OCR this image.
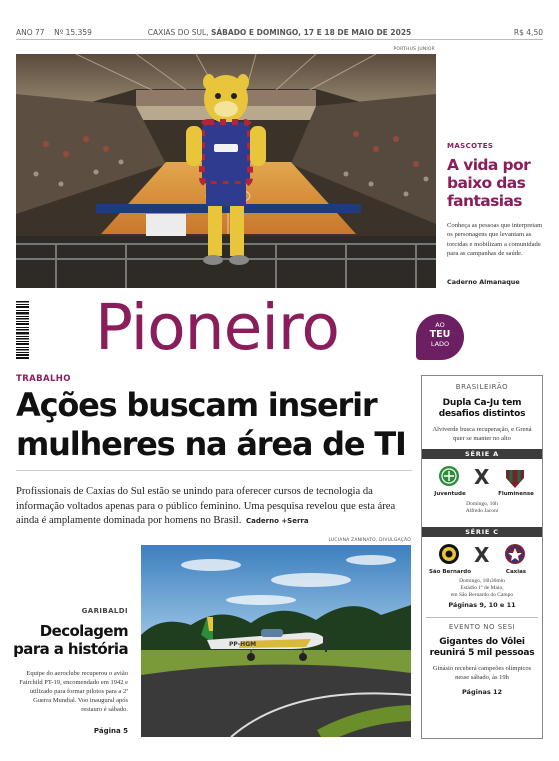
ANO 77    Nº 15.359	CAXIAS DO SUL, SÁBADO E DOMINGO, 17 E 18 DE MAIO DE 2025	R$ 4,50
PORTHUS JUNIOR
MASCOTES
A vida por
baixo das
fantasias
Conheça as pessoas que interpretam os personagens que levantam as torcidas e mobilizam a comunidade para as campanhas de saúde.
Caderno Almanaque
Pioneiro	AO
TEU
LADO
TRABALHO
Ações buscam inserir
mulheres na área de TI
Profissionais de Caxias do Sul estão se unindo para oferecer cursos de tecnologia da informação voltados apenas para o público feminino. Uma pesquisa revelou que esta área ainda é amplamente dominada por homens no Brasil. Caderno +Serra
LUCIANA ZANINATO, DIVULGAÇÃO
PP-HGM
GARIBALDI
Decolagem
para a história
Equipe do aeroclube recuperou o avião Fairchild PT-19, encomendado em 1942 e utilizado para formar pilotos para a 2ª Guerra Mundial. Voo inaugural após restauro é sábado.
Página 5
BRASILEIRÃO
Dupla Ca-Ju tem
desafios distintos
Alviverde busca recuperação, e Grená quer se manter no alto
SÉRIE A
X
Juventude	Fluminense
Domingo, 16h
Alfredo Jaconi
SÉRIE C
X
São Bernardo	Caxias
Domingo, 16h30min
Estádio 1º de Maio,
em São Bernardo do Campo
Páginas 9, 10 e 11
EVENTO NO SESI
Gigantes do Vôlei
reunirá 5 mil pessoas
Ginásio receberá campeões olímpicos nesse sábado, às 19h
Páginas 12
